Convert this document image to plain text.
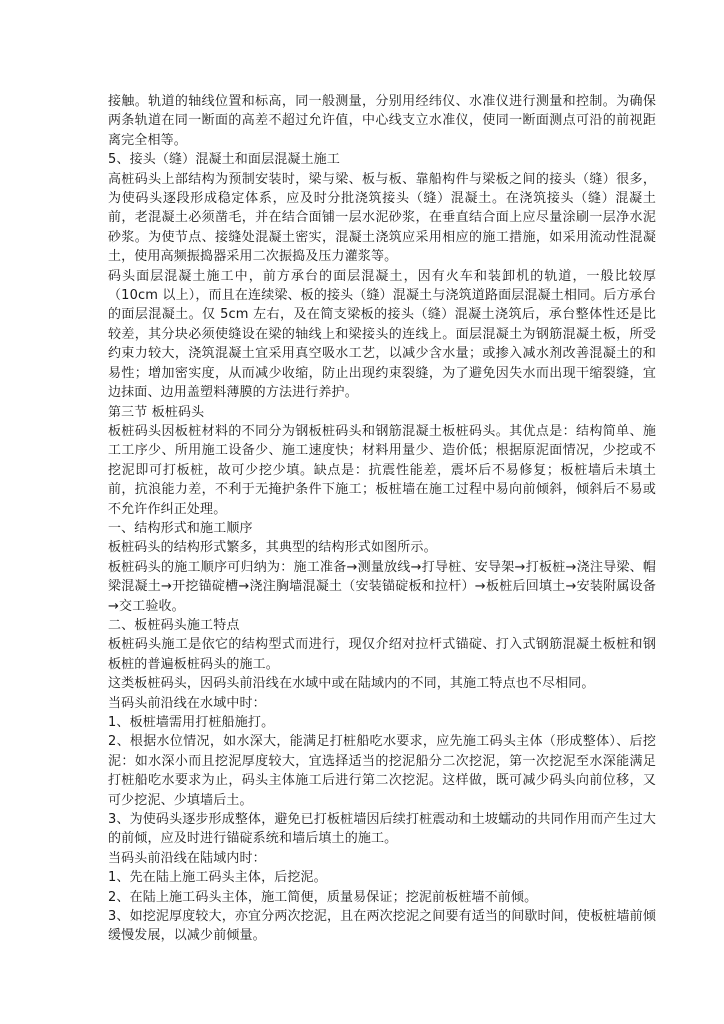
接触。轨道的轴线位置和标高，同一般测量，分别用经纬仪、水准仪进行测量和控制。为确保两条轨道在同一断面的高差不超过允许值，中心线支立水准仪，使同一断面测点可沿的前视距离完全相等。

5、接头（缝）混凝土和面层混凝土施工

高桩码头上部结构为预制安装时，梁与梁、板与板、靠船构件与梁板之间的接头（缝）很多，为使码头逐段形成稳定体系，应及时分批浇筑接头（缝）混凝土。在浇筑接头（缝）混凝土前，老混凝土必须凿毛，并在结合面铺一层水泥砂浆，在垂直结合面上应尽量涂刷一层净水泥砂浆。为使节点、接缝处混凝土密实，混凝土浇筑应采用相应的施工措施，如采用流动性混凝土，使用高频振捣器采用二次振捣及压力灌浆等。

码头面层混凝土施工中，前方承台的面层混凝土，因有火车和装卸机的轨道，一般比较厚（10cm 以上），而且在连续梁、板的接头（缝）混凝土与浇筑道路面层混凝土相同。后方承台的面层混凝土。仅 5cm 左右，及在简支梁板的接头（缝）混凝土浇筑后，承台整体性还是比较差，其分块必须使缝设在梁的轴线上和梁接头的连线上。面层混凝土为钢筋混凝土板，所受约束力较大，浇筑混凝土宜采用真空吸水工艺，以减少含水量；或掺入减水剂改善混凝土的和易性；增加密实度，从而减少收缩，防止出现约束裂缝，为了避免因失水而出现干缩裂缝，宜边抹面、边用盖塑料薄膜的方法进行养护。

第三节 板桩码头

板桩码头因板桩材料的不同分为钢板桩码头和钢筋混凝土板桩码头。其优点是：结构简单、施工工序少、所用施工设备少、施工速度快；材料用量少、造价低；根据原泥面情况，少挖或不挖泥即可打板桩，故可少挖少填。缺点是：抗震性能差，震坏后不易修复；板桩墙后未填土前，抗浪能力差，不利于无掩护条件下施工；板桩墙在施工过程中易向前倾斜，倾斜后不易或不允许作纠正处理。

一、结构形式和施工顺序

板桩码头的结构形式繁多，其典型的结构形式如图所示。

板桩码头的施工顺序可归纳为：施工准备→测量放线→打导桩、安导架→打板桩→浇注导梁、帽梁混凝土→开挖锚碇槽→浇注胸墙混凝土（安装锚碇板和拉杆）→板桩后回填土→安装附属设备→交工验收。

二、板桩码头施工特点

板桩码头施工是依它的结构型式而进行，现仅介绍对拉杆式锚碇、打入式钢筋混凝土板桩和钢板桩的普遍板桩码头的施工。

这类板桩码头，因码头前沿线在水域中或在陆域内的不同，其施工特点也不尽相同。

当码头前沿线在水域中时：

1、板桩墙需用打桩船施打。

2、根据水位情况，如水深大，能满足打桩船吃水要求，应先施工码头主体（形成整体）、后挖泥：如水深小而且挖泥厚度较大，宜选择适当的挖泥船分二次挖泥，第一次挖泥至水深能满足打桩船吃水要求为止，码头主体施工后进行第二次挖泥。这样做，既可减少码头向前位移，又可少挖泥、少填墙后土。

3、为使码头逐步形成整体，避免已打板桩墙因后续打桩震动和土坡蠕动的共同作用而产生过大的前倾，应及时进行锚碇系统和墙后填土的施工。

当码头前沿线在陆域内时：

1、先在陆上施工码头主体，后挖泥。

2、在陆上施工码头主体，施工简便，质量易保证；挖泥前板桩墙不前倾。

3、如挖泥厚度较大，亦宜分两次挖泥，且在两次挖泥之间要有适当的间歇时间，使板桩墙前倾缓慢发展，以减少前倾量。
